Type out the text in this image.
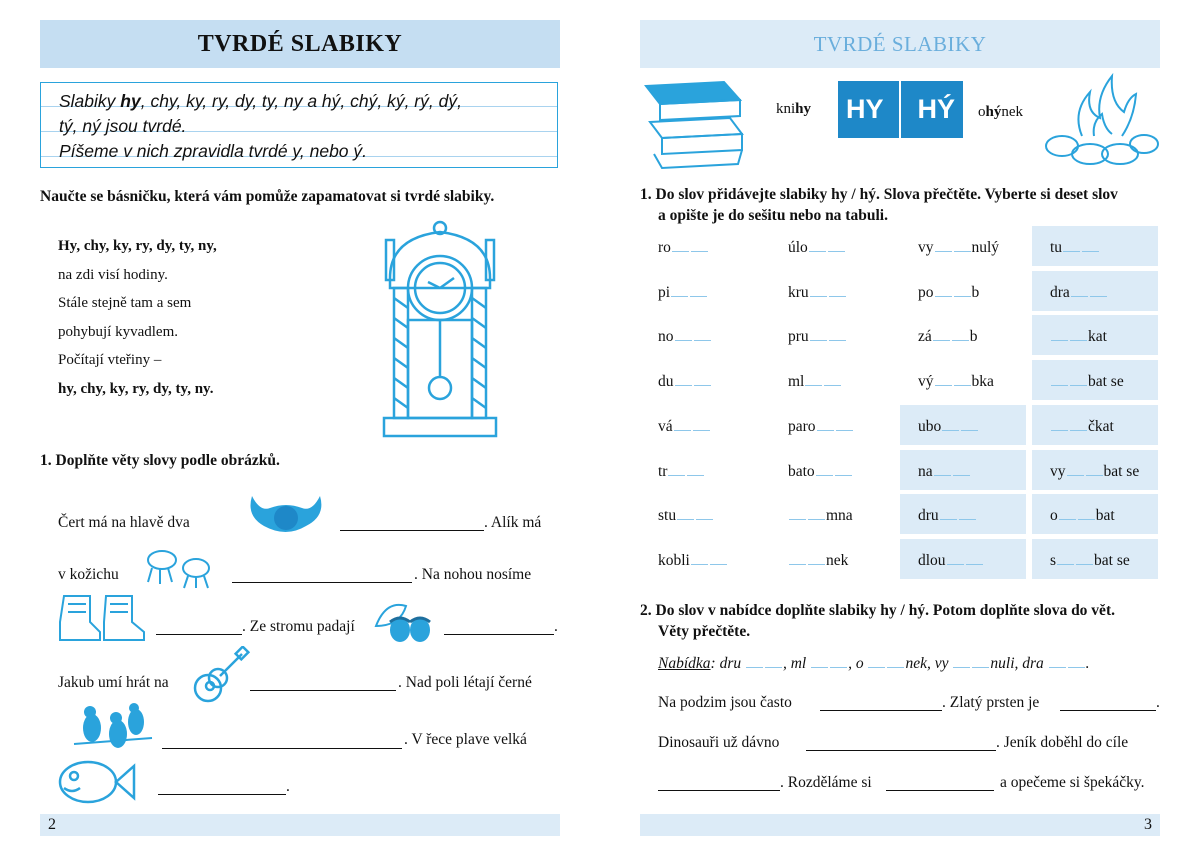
TVRDÉ SLABIKY
Slabiky hy, chy, ky, ry, dy, ty, ny a hý, chý, ký, rý, dý,
tý, ný jsou tvrdé.
Píšeme v nich zpravidla tvrdé y, nebo ý.
Naučte se básničku, která vám pomůže zapamatovat si tvrdé slabiky.
Hy, chy, ky, ry, dy, ty, ny,
na zdi visí hodiny.
Stále stejně tam a sem
pohybují kyvadlem.
Počítají vteřiny –
hy, chy, ky, ry, dy, ty, ny.
1. Doplňte věty slovy podle obrázků.
Čert má na hlavě dva	. Alík má
v kožichu	. Na nohou nosíme
. Ze stromu padají	.
Jakub umí hrát na	. Nad poli létají černé
. V řece plave velká
.
2
TVRDÉ SLABIKY
knihy HY HÝ ohýnek
1. Do slov přidávejte slabiky hy / hý. Slova přečtěte. Vyberte si deset slov
a opište je do sešitu nebo na tabuli.
ro	úlo	vy nulý	tu
pi	kru	po b	dra
no	pru	zá b	kat
du	ml	vý bka	bat se
vá	paro	ubo	čkat
tr	bato	na	vy bat se
stu	mna	dru	o bat
kobli	nek	dlou	s bat se
2. Do slov v nabídce doplňte slabiky hy / hý. Potom doplňte slova do vět.
Věty přečtěte.
Nabídka: dru	, ml	, o	nek, vy	nuli, dra	.
Na podzim jsou často	. Zlatý prsten je	.
Dinosauři už dávno	. Jeník doběhl do cíle
. Rozděláme si	a opečeme si špekáčky.
3
